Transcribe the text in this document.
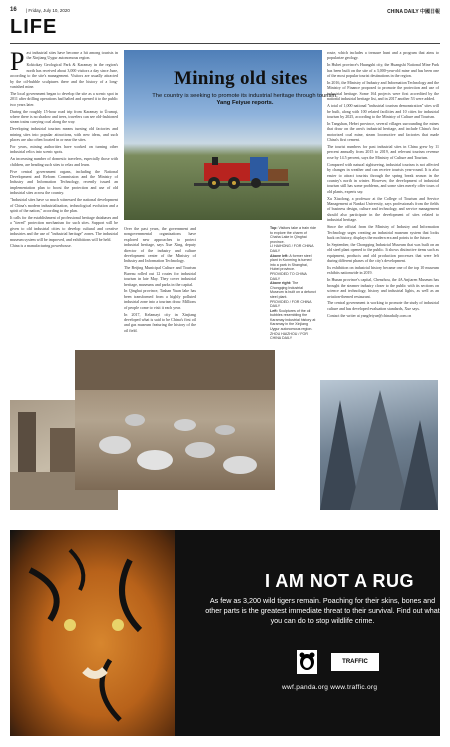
16 | Friday, July 10, 2020	CHINA DAILY 中國日報
LIFE
P ast industrial sites have become a hit among tourists in the Xinjiang Uygur autonomous region.

Koktokay Geological Park & Karamay in the region's north has received about 3,000 visitors a day since June, according to the site's management. Visitors are usually attracted by the oil-bubble sculptures there and the history of a long-vanished mine.

The local government began to develop the site as a scenic spot in 2011 after drilling operations had halted and opened it to the public two years later.

During the roughly 15-hour road trip from Karamay to Ürumqi, where there is no shadow and trees, travelers can see old-fashioned steam trains carrying coal along the way.

Developing industrial tourism means turning old factories and mining sites into popular attractions, with new ideas, and such places are also often located in or near the sites.

For years, mining authorities have worked on turning other industrial relics into scenic spots.

An increasing number of domestic travelers, especially those with children, are heading such sites to relax and learn.

Five central government organs, including the National Development and Reform Commission and the Ministry of Industry and Information Technology, recently issued an implementation plan to boost the protection and use of old industrial sites across the country.

"Industrial sites have so much witnessed the national development of China's modern industrialization, technological evolution and a spirit of the nation," according to the plan.

It calls for the establishment of professional heritage databases and a "tiered" protection mechanism for such sites. Support will be given to old industrial cities to develop cultural and creative industries and the use of "industrial heritage" zones. The industrial museum system will be improved, and exhibitions will be held.

China is a manufacturing powerhouse.

Mining old sites
The country is seeking to promote its industrial heritage through tourism, Yang Feiyue reports.

Over the past years, the government and nongovernmental organizations have explored new approaches to protect industrial heritage, says Xue Xing, deputy director of the industry and culture development center of the Ministry of Industry and Information Technology.

The Beijing Municipal Culture and Tourism Bureau rolled out 12 routes for industrial tourism in late May. They cover industrial heritage, museums and parks in the capital.

In Qinghai province, Tashan Yuan lake has been transformed from a highly polluted industrial zone into a tourism draw. Millions of people come to visit it each year.

In 2017, Kelamayi city in Xinjiang developed what is said to be China's first oil and gas museum featuring the history of the oil field.

Top: Visitors take a train ride to explore the charm of Chaha Lake in Qinghai province.
LI HAIHONG / FOR CHINA DAILY

Above left: A former steel plant in Kunming is turned into a park in Shanghai, Hubei province.
PROVIDED TO CHINA DAILY

Above right: The Chongqing Industrial Museum is built on a defunct steel plant.
PROVIDED / FOR CHINA DAILY

Left: Sculptures of the oil bubbles resembling the Karamay industrial history at Karamay in the Xinjiang Uygur autonomous region.
ZHOU HAIZHOU / FOR CHINA DAILY

route, which includes a treasure hunt and a program that aims to popularize geology.

In Hubei province's Huangshi city, the Huangshi National Mine Park has been built on the site of a 3,000-year-old mine and has been one of the most popular tourist destinations in the region.

In 2016, the Ministry of Industry and Information Technology and the Ministry of Finance proposed to promote the protection and use of industrial heritage. Some 164 projects were first accredited by the national industrial heritage list, and in 2017 another 53 were added.

A total of 1,000 national "industrial tourism demonstration" sites will be built, along with 100 related facilities and 10 cities for industrial tourism by 2025, according to the Ministry of Culture and Tourism.

In Tangshan, Hebei province, several villages surrounding the mines that draw on the area's industrial heritage, and include China's first motorized coal mine, steam locomotive and factories that made China's first cement.

The tourist numbers for past industrial sites in China grew by 11 percent annually from 2015 to 2019, and relevant tourism revenue rose by 14.5 percent, says the Ministry of Culture and Tourism.

Compared with natural sightseeing, industrial tourism is not affected by changes in weather and can receive tourists year-round. It is also easier to attract tourists through the spring break season in the country's north in winter. However, the development of industrial tourism still has some problems, and some sites merely offer tours of old plants, experts say.

Xu Xiaolong, a professor at the College of Tourism and Service Management at Nankai University, says professionals from the fields of business design, culture and technology, and service management should also participate in the development of sites related to industrial heritage.

Since the official from the Ministry of Industry and Information Technology urges creating an industrial museum system that looks back on history, displays the modern era and points to the future.

In September, the Chongqing Industrial Museum that was built on an old steel plant opened to the public. It shows distinctive items such as equipment, products and old production processes that were left during different phases of the city's development.

Its exhibition on industrial history became one of the top 10 museum exhibits nationwide in 2019.

In Hunan province's capital, Chenzhou, the 4A Anjiaren Museum has brought the steamer industry closer to the public with its sections on science and technology, history and industrial lights, as well as an aviation-themed restaurant.

The central government is working to promote the study of industrial culture and has developed evaluation standards, Xue says.

Contact the writer at yangfeiyue@chinadaily.com.cn

I AM NOT A RUG
As few as 3,200 wild tigers remain. Poaching for their skins, bones and other parts is the greatest immediate threat to their survival. Find out what you can do to stop wildlife crime.
TRAFFIC
wwf.panda.org www.traffic.org
